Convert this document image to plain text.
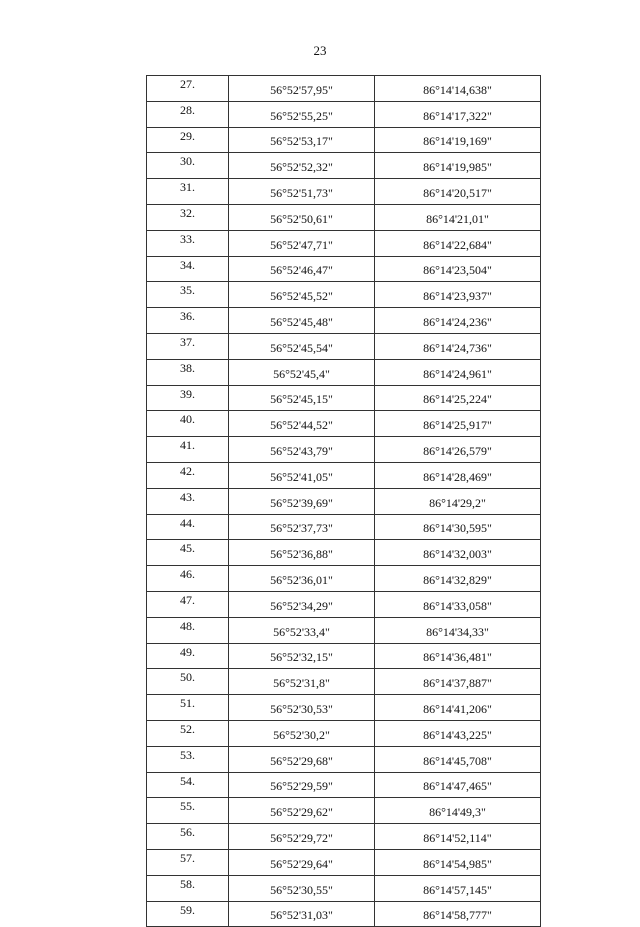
23
27.	56°52'57,95"	86°14'14,638"
28.	56°52'55,25"	86°14'17,322"
29.	56°52'53,17"	86°14'19,169"
30.	56°52'52,32"	86°14'19,985"
31.	56°52'51,73"	86°14'20,517"
32.	56°52'50,61"	86°14'21,01"
33.	56°52'47,71"	86°14'22,684"
34.	56°52'46,47"	86°14'23,504"
35.	56°52'45,52"	86°14'23,937"
36.	56°52'45,48"	86°14'24,236"
37.	56°52'45,54"	86°14'24,736"
38.	56°52'45,4"	86°14'24,961"
39.	56°52'45,15"	86°14'25,224"
40.	56°52'44,52"	86°14'25,917"
41.	56°52'43,79"	86°14'26,579"
42.	56°52'41,05"	86°14'28,469"
43.	56°52'39,69"	86°14'29,2"
44.	56°52'37,73"	86°14'30,595"
45.	56°52'36,88"	86°14'32,003"
46.	56°52'36,01"	86°14'32,829"
47.	56°52'34,29"	86°14'33,058"
48.	56°52'33,4"	86°14'34,33"
49.	56°52'32,15"	86°14'36,481"
50.	56°52'31,8"	86°14'37,887"
51.	56°52'30,53"	86°14'41,206"
52.	56°52'30,2"	86°14'43,225"
53.	56°52'29,68"	86°14'45,708"
54.	56°52'29,59"	86°14'47,465"
55.	56°52'29,62"	86°14'49,3"
56.	56°52'29,72"	86°14'52,114"
57.	56°52'29,64"	86°14'54,985"
58.	56°52'30,55"	86°14'57,145"
59.	56°52'31,03"	86°14'58,777"
